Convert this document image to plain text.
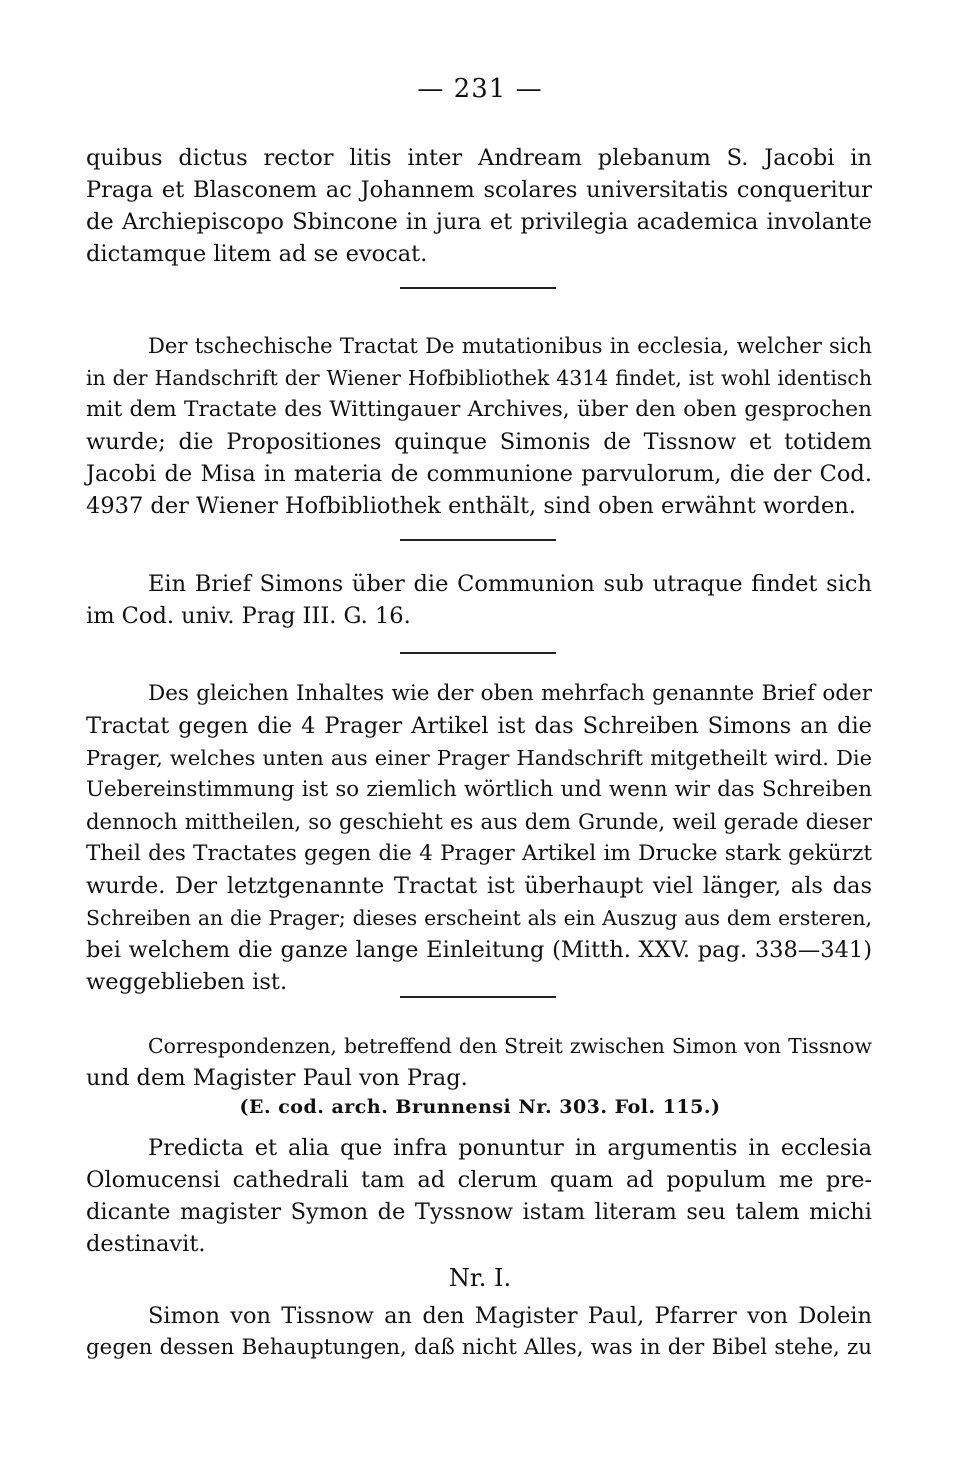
— 231 —
quibus dictus rector litis inter Andream plebanum S. Jacobi in
Praga et Blasconem ac Johannem scolares universitatis conqueritur
de Archiepiscopo Sbincone in jura et privilegia academica involante
dictamque litem ad se evocat.
Der tschechische Tractat De mutationibus in ecclesia, welcher sich
in der Handschrift der Wiener Hofbibliothek 4314 findet, ist wohl identisch
mit dem Tractate des Wittingauer Archives, über den oben gesprochen
wurde; die Propositiones quinque Simonis de Tissnow et totidem
Jacobi de Misa in materia de communione parvulorum, die der Cod.
4937 der Wiener Hofbibliothek enthält, sind oben erwähnt worden.
Ein Brief Simons über die Communion sub utraque findet sich
im Cod. univ. Prag III. G. 16.
Des gleichen Inhaltes wie der oben mehrfach genannte Brief oder
Tractat gegen die 4 Prager Artikel ist das Schreiben Simons an die
Prager, welches unten aus einer Prager Handschrift mitgetheilt wird. Die
Uebereinstimmung ist so ziemlich wörtlich und wenn wir das Schreiben
dennoch mittheilen, so geschieht es aus dem Grunde, weil gerade dieser
Theil des Tractates gegen die 4 Prager Artikel im Drucke stark gekürzt
wurde. Der letztgenannte Tractat ist überhaupt viel länger, als das
Schreiben an die Prager; dieses erscheint als ein Auszug aus dem ersteren,
bei welchem die ganze lange Einleitung (Mitth. XXV. pag. 338—341)
weggeblieben ist.
Correspondenzen, betreffend den Streit zwischen Simon von Tissnow
und dem Magister Paul von Prag.
(E. cod. arch. Brunnensi Nr. 303. Fol. 115.)
Predicta et alia que infra ponuntur in argumentis in ecclesia
Olomucensi cathedrali tam ad clerum quam ad populum me pre-
dicante magister Symon de Tyssnow istam literam seu talem michi
destinavit.
Nr. I.
Simon von Tissnow an den Magister Paul, Pfarrer von Dolein
gegen dessen Behauptungen, daß nicht Alles, was in der Bibel stehe, zu
